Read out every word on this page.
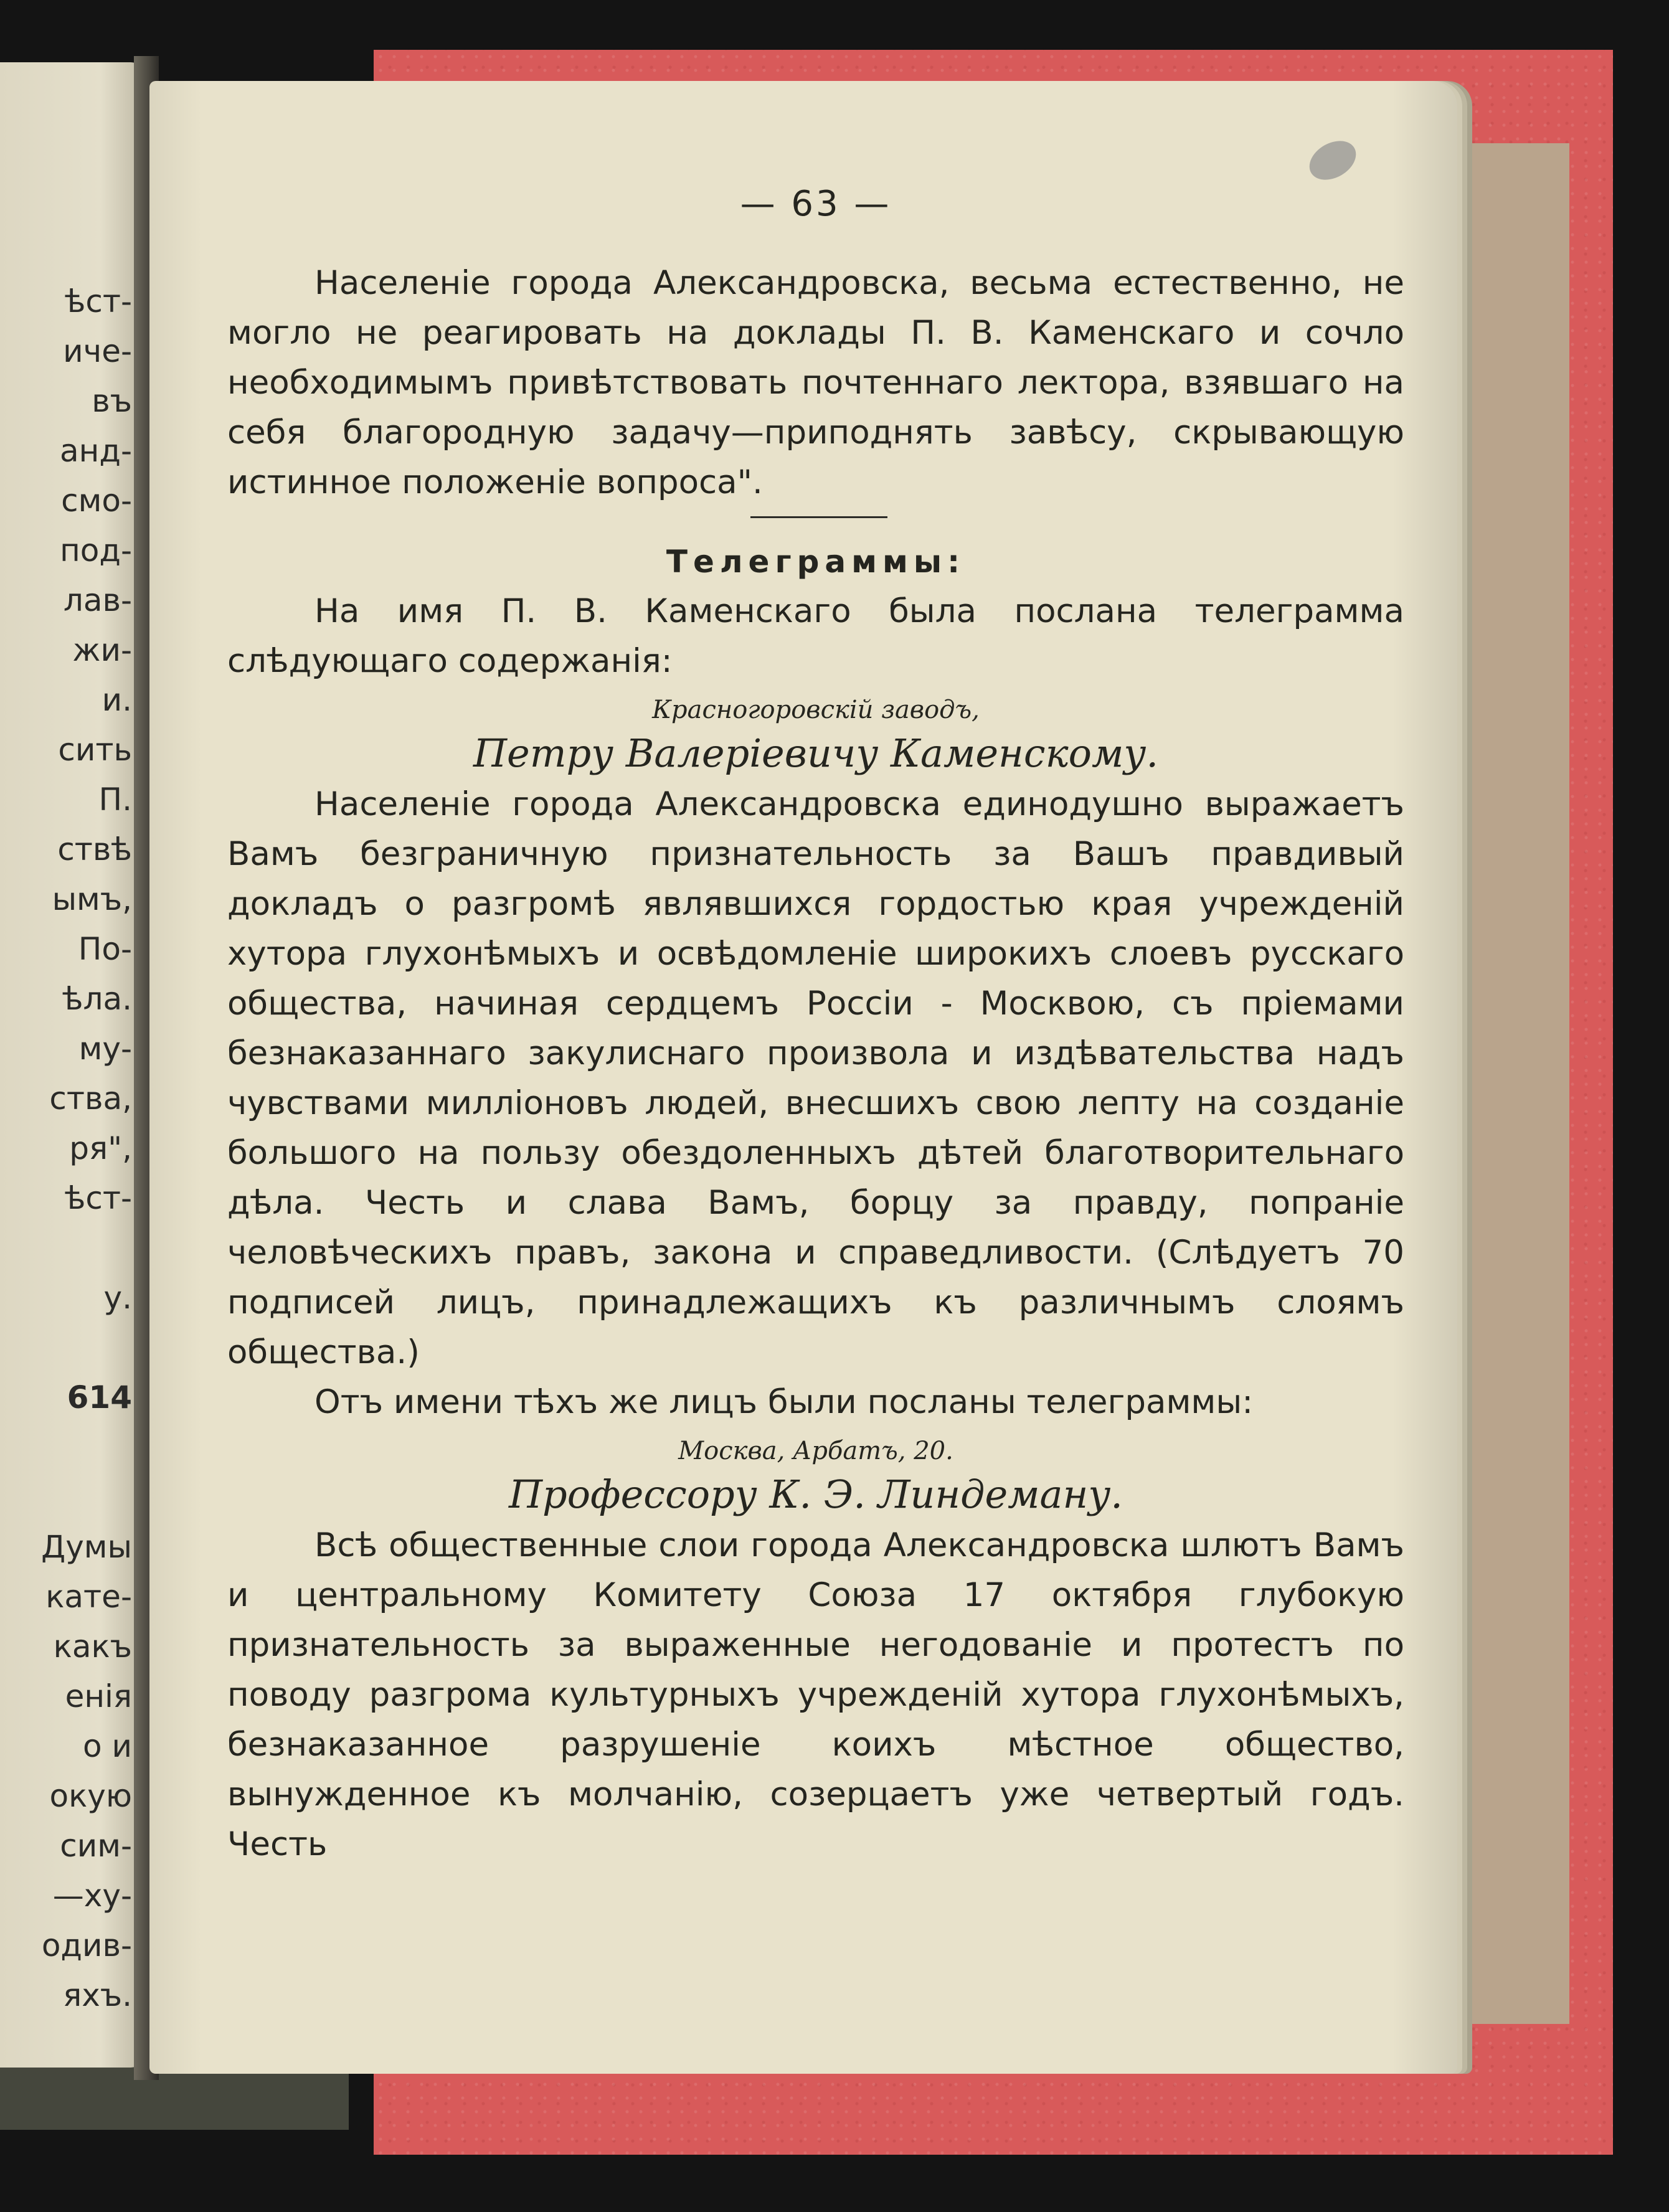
ѣст-
иче-
въ
анд-
смо-
под-
лав-
жи-
и.
сить
П.
ствѣ
ымъ,
По-
ѣла.
му-
ства,
ря",
ѣст-
у.
614
Думы
кате-
какъ
енія
о и
окую
сим-
—ху-
одив-
яхъ.
— 63 —
Населеніе города Александровска, весьма естественно, не могло не реагировать на доклады П. В. Каменскаго и сочло необходимымъ привѣтствовать почтеннаго лектора, взявшаго на себя благородную задачу—приподнять завѣсу, скрывающую истинное положеніе вопроса".
Телеграммы:
На имя П. В. Каменскаго была послана телеграмма слѣдующаго содержанія:
Красногоровскій заводъ,
Петру Валеріевичу Каменскому.
Населеніе города Александровска единодушно выражаетъ Вамъ безграничную признательность за Вашъ правдивый докладъ о разгромѣ являвшихся гордостью края учрежденій хутора глухонѣмыхъ и освѣдомленіе широкихъ слоевъ русскаго общества, начиная сердцемъ Россіи - Москвою, съ пріемами безнаказаннаго закулиснаго произвола и издѣвательства надъ чувствами милліоновъ людей, внесшихъ свою лепту на созданіе большого на пользу обездоленныхъ дѣтей благотворительнаго дѣла. Честь и слава Вамъ, борцу за правду, попраніе человѣческихъ правъ, закона и справедливости. (Слѣдуетъ 70 подписей лицъ, принадлежащихъ къ различнымъ слоямъ общества.)
Отъ имени тѣхъ же лицъ были посланы телеграммы:
Москва, Арбатъ, 20.
Профессору К. Э. Линдеману.
Всѣ общественные слои города Александровска шлютъ Вамъ и центральному Комитету Союза 17 октября глубокую признательность за выраженные негодованіе и протестъ по поводу разгрома культурныхъ учрежденій хутора глухонѣмыхъ, безнаказанное разрушеніе коихъ мѣстное общество, вынужденное къ молчанію, созерцаетъ уже четвертый годъ. Честь
